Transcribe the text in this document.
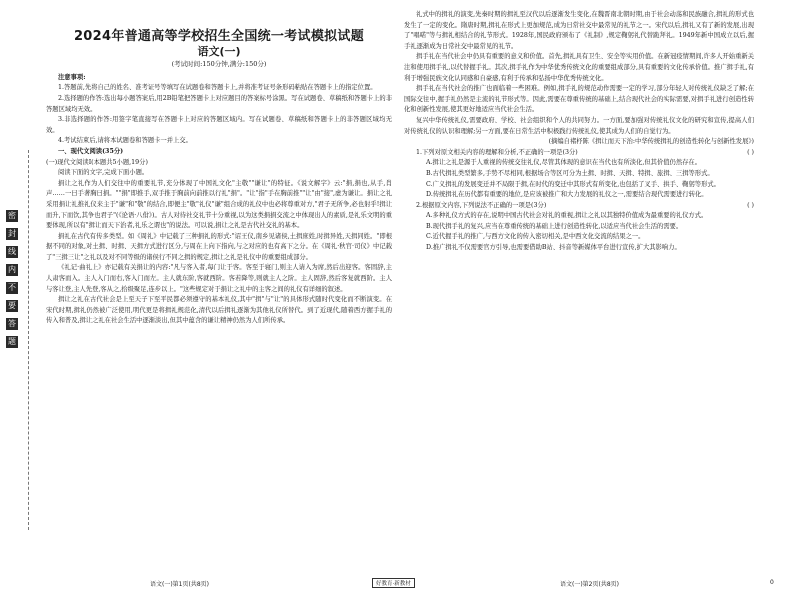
密
封
线
内
不
要
答
题
2024年普通高等学校招生全国统一考试模拟试题
语文(一)
(考试时间:150分钟,满分:150分)

注意事项:

1.答题前,先将自己的姓名、准考证号等填写在试题卷和答题卡上,并将准考证号条形码粘贴在答题卡上的指定位置。

2.选择题的作答:选出每小题答案后,用2B铅笔把答题卡上对应题目的答案标号涂黑。写在试题卷、草稿纸和答题卡上的非答题区域均无效。

3.非选择题的作答:用签字笔直接写在答题卡上对应的答题区域内。写在试题卷、草稿纸和答题卡上的非答题区域均无效。

4.考试结束后,请将本试题卷和答题卡一并上交。

一、现代文阅读(35分)

(一)现代文阅读Ⅰ(本题共5小题,19分)

阅读下面的文字,完成下面小题。

捐让之礼作为人们交往中的重要礼节,充分体现了中国礼文化"主敬""谦让"的特征。《说文解字》云:"捐,捐也,从手,肖声……一曰手著胸曰捐。""捐"即推手,双手推于胸前向前推以行礼"捐"。"让"指"手在胸前推""让"由"接",虚为谦让。捐让之礼采用捐让礼推礼仪来主于"谦"和"敬"的结合,即便主"敬"礼仪"谦"组合成的礼仪中也必将尊重对方,"君子无所争,必也射乎!揖让而升,下而饮,其争也君子"(《论语·八佾》)。古人对待社交礼节十分重视,以为这类捐捐交流之中体现出人的素质,是礼乐文明的重要体现,所以有"揖让而天下治者,礼乐之谓也"的说法。可以说,捐让之礼是古代社交礼的基本。

捐礼在古代有传多类型。如《周礼》中记载了三种捐礼的形式:"诏王仪,南乡见诸侯,土揖庶姓,时揖异姓,天揖同姓。"即根据不同的对象,对土揖、时揖、天揖方式进行区分,与周在上向下指向,与之对应的也有高下之分。在《周礼·秋官·司仪》中记载了"三揖三让"之礼以及对不同等级的诸侯行不同之揖的规定,揖让之礼是礼仪中的重要组成部分。

《礼记·曲礼上》亦记载有关捐让的内容:"凡与客入者,每门让于客。客至于寝门,则主人请入为席,然后出迎客。客固辞,主人肃客而入。主人入门而右,客入门而左。主人就东阶,客就西阶。客若降等,则就主人之阶。主人固辞,然后客复就西阶。主人与客让登,主人先登,客从之,拾级聚足,连步以上。"这些规定对于捐让之礼中的主客之间的礼仪有详细的叙述。

揖让之礼在古代社会是上至天子下至平民都必须遵守的基本礼仪,其中"揖"与"让"的具体形式随时代变化而不断演变。在宋代时期,揖礼仍然被广泛使用,明代更是将揖礼规范化,清代以后揖礼逐渐为其他礼仪所替代。到了近现代,随着西方握手礼的传入和普及,揖让之礼在社会生活中逐渐淡出,但其中蕴含的谦让精神仍然为人们所传承。

礼式中的揖礼的演变,先秦时期的揖礼至汉代以后逐渐发生变化,在魏晋南北朝时期,由于社会动荡和民族融合,揖礼的形式也发生了一定的变化。隋唐时期,揖礼在形式上更加规范,成为日常社交中最常见的礼节之一。宋代以后,揖礼又有了新的发展,出现了"唱喏"等与揖礼相结合的礼节形式。1928年,国民政府颁布了《礼制》,规定鞠躬礼代替跪拜礼。1949年新中国成立以后,握手礼逐渐成为日常社交中最常见的礼节。

揖手礼在当代社会中仍具有重要的意义和价值。首先,揖礼具有卫生、安全等实用价值。在新冠疫情期间,许多人开始重新关注和使用揖手礼,以代替握手礼。其次,揖手礼作为中华优秀传统文化的重要组成部分,具有重要的文化传承价值。推广揖手礼,有利于增强民族文化认同感和自豪感,有利于传承和弘扬中华优秀传统文化。

揖手礼在当代社会的推广也面临着一些困难。例如,揖手礼的规范动作需要一定的学习,部分年轻人对传统礼仪缺乏了解;在国际交往中,握手礼仍然是主流的礼节形式等。因此,需要在尊重传统的基础上,结合现代社会的实际需要,对揖手礼进行创造性转化和创新性发展,使其更好地适应当代社会生活。

复兴中华传统礼仪,需要政府、学校、社会组织和个人的共同努力。一方面,要加强对传统礼仪文化的研究和宣传,提高人们对传统礼仪的认识和理解;另一方面,要在日常生活中积极践行传统礼仪,使其成为人们的自觉行为。

(摘编自褚杼陈《揖让而天下治:中华传统揖礼的创造性转化与创新性发展》)

1.下列对原文相关内容的理解和分析,不正确的一项是(3分)	( )

A.揖让之礼是源于人重视的传统交往礼仪,尽管其体现的意识在当代也有所淡化,但其价值仍然存在。

B.古代揖礼类型繁多,手势不尽相同,根据场合等区可分为土揖、时揖、天揖、特揖、旅揖、三揖等形式。

C.广义揖礼的发展变迁并不局限于揖,在时代的变迁中其形式有所变化,也包括了叉手、拱手、鞠躬等形式。

D.传统揖礼在历代都有重要的地位,是应该被推广和大力发展的礼仪之一,需要结合现代需要进行转化。

2.根据原文内容,下列说法不正确的一项是(3分)	( )

A.多种礼仪方式的存在,说明中国古代社会对礼的重视,揖让之礼以其独特价值成为最重要的礼仪方式。

B.现代揖手礼的复兴,应当在尊重传统的基础上进行创造性转化,以适应当代社会生活的需要。

C.近代握手礼的推广,与西方文化的传入密切相关,是中西文化交流的结果之一。

D.推广揖礼不仅需要官方引导,也需要借助B站、抖音等新媒体平台进行宣传,扩大其影响力。

语文(一)第1页(共8页)	好教育·新教材	语文(一)第2页(共8页)	0
